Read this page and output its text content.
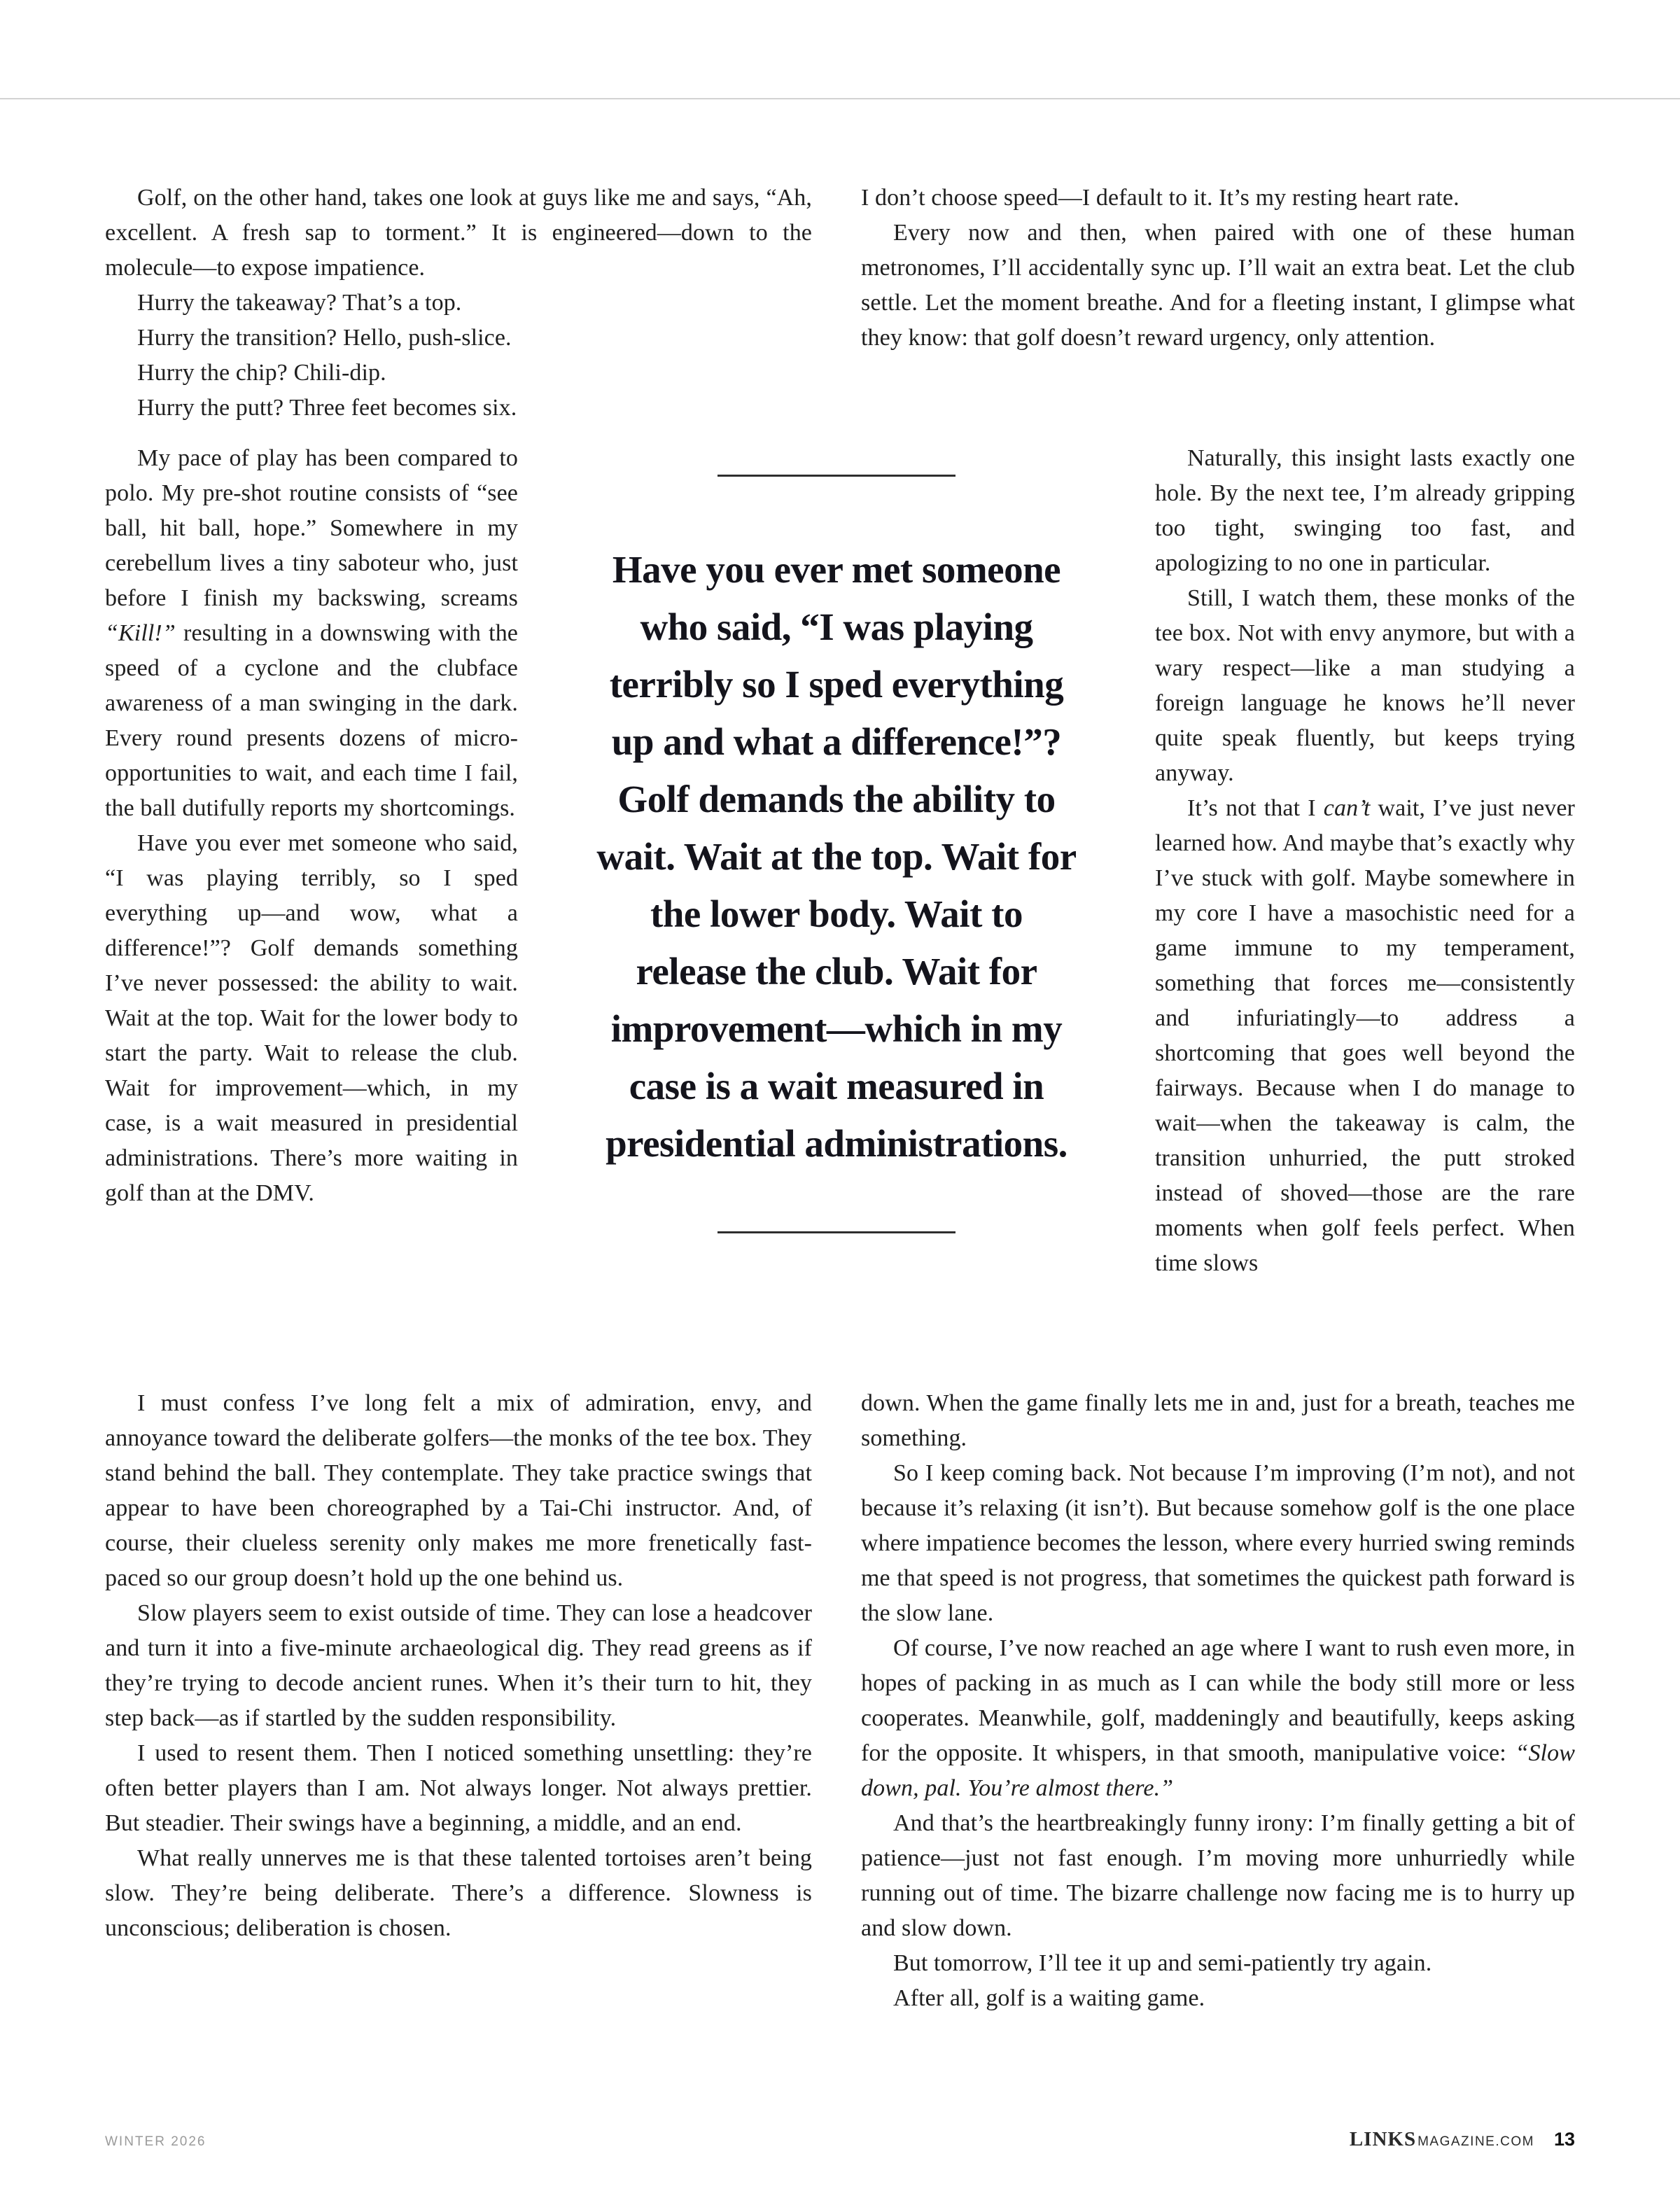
Golf, on the other hand, takes one look at guys like me and says, “Ah, excellent. A fresh sap to torment.” It is engineered—down to the molecule—to expose impatience.

Hurry the takeaway? That’s a top.

Hurry the transition? Hello, push-slice.

Hurry the chip? Chili-dip.

Hurry the putt? Three feet becomes six.

I don’t choose speed—I default to it. It’s my resting heart rate.

Every now and then, when paired with one of these human metronomes, I’ll accidentally sync up. I’ll wait an extra beat. Let the club settle. Let the moment breathe. And for a fleeting instant, I glimpse what they know: that golf doesn’t reward urgency, only attention.

My pace of play has been compared to polo. My pre-shot routine consists of “see ball, hit ball, hope.” Somewhere in my cerebellum lives a tiny saboteur who, just before I finish my backswing, screams “Kill!” resulting in a downswing with the speed of a cyclone and the clubface awareness of a man swinging in the dark. Every round presents dozens of micro-opportunities to wait, and each time I fail, the ball dutifully reports my shortcomings.

Have you ever met someone who said, “I was playing terribly, so I sped everything up—and wow, what a difference!”? Golf demands something I’ve never possessed: the ability to wait. Wait at the top. Wait for the lower body to start the party. Wait to release the club. Wait for improvement—which, in my case, is a wait measured in presidential administrations. There’s more waiting in golf than at the DMV.

Have you ever met someone who said, “I was playing terribly so I sped everything up and what a difference!”? Golf demands the ability to wait. Wait at the top. Wait for the lower body. Wait to release the club. Wait for improvement—which in my case is a wait measured in presidential administrations.

Naturally, this insight lasts exactly one hole. By the next tee, I’m already gripping too tight, swinging too fast, and apologizing to no one in particular.

Still, I watch them, these monks of the tee box. Not with envy anymore, but with a wary respect—like a man studying a foreign language he knows he’ll never quite speak fluently, but keeps trying anyway.

It’s not that I can’t wait, I’ve just never learned how. And maybe that’s exactly why I’ve stuck with golf. Maybe somewhere in my core I have a masochistic need for a game immune to my temperament, something that forces me—consistently and infuriatingly—to address a shortcoming that goes well beyond the fairways. Because when I do manage to wait—when the takeaway is calm, the transition unhurried, the putt stroked instead of shoved—those are the rare moments when golf feels perfect. When time slows

I must confess I’ve long felt a mix of admiration, envy, and annoyance toward the deliberate golfers—the monks of the tee box. They stand behind the ball. They contemplate. They take practice swings that appear to have been choreographed by a Tai-Chi instructor. And, of course, their clueless serenity only makes me more frenetically fast-paced so our group doesn’t hold up the one behind us.

Slow players seem to exist outside of time. They can lose a headcover and turn it into a five-minute archaeological dig. They read greens as if they’re trying to decode ancient runes. When it’s their turn to hit, they step back—as if startled by the sudden responsibility.

I used to resent them. Then I noticed something unsettling: they’re often better players than I am. Not always longer. Not always prettier. But steadier. Their swings have a beginning, a middle, and an end.

What really unnerves me is that these talented tortoises aren’t being slow. They’re being deliberate. There’s a difference. Slowness is unconscious; deliberation is chosen.

down. When the game finally lets me in and, just for a breath, teaches me something.

So I keep coming back. Not because I’m improving (I’m not), and not because it’s relaxing (it isn’t). But because somehow golf is the one place where impatience becomes the lesson, where every hurried swing reminds me that speed is not progress, that sometimes the quickest path forward is the slow lane.

Of course, I’ve now reached an age where I want to rush even more, in hopes of packing in as much as I can while the body still more or less cooperates. Meanwhile, golf, maddeningly and beautifully, keeps asking for the opposite. It whispers, in that smooth, manipulative voice: “Slow down, pal. You’re almost there.”

And that’s the heartbreakingly funny irony: I’m finally getting a bit of patience—just not fast enough. I’m moving more unhurriedly while running out of time. The bizarre challenge now facing me is to hurry up and slow down.

But tomorrow, I’ll tee it up and semi-patiently try again.

After all, golf is a waiting game.

WINTER 2026	LINKS MAGAZINE.COM 13
